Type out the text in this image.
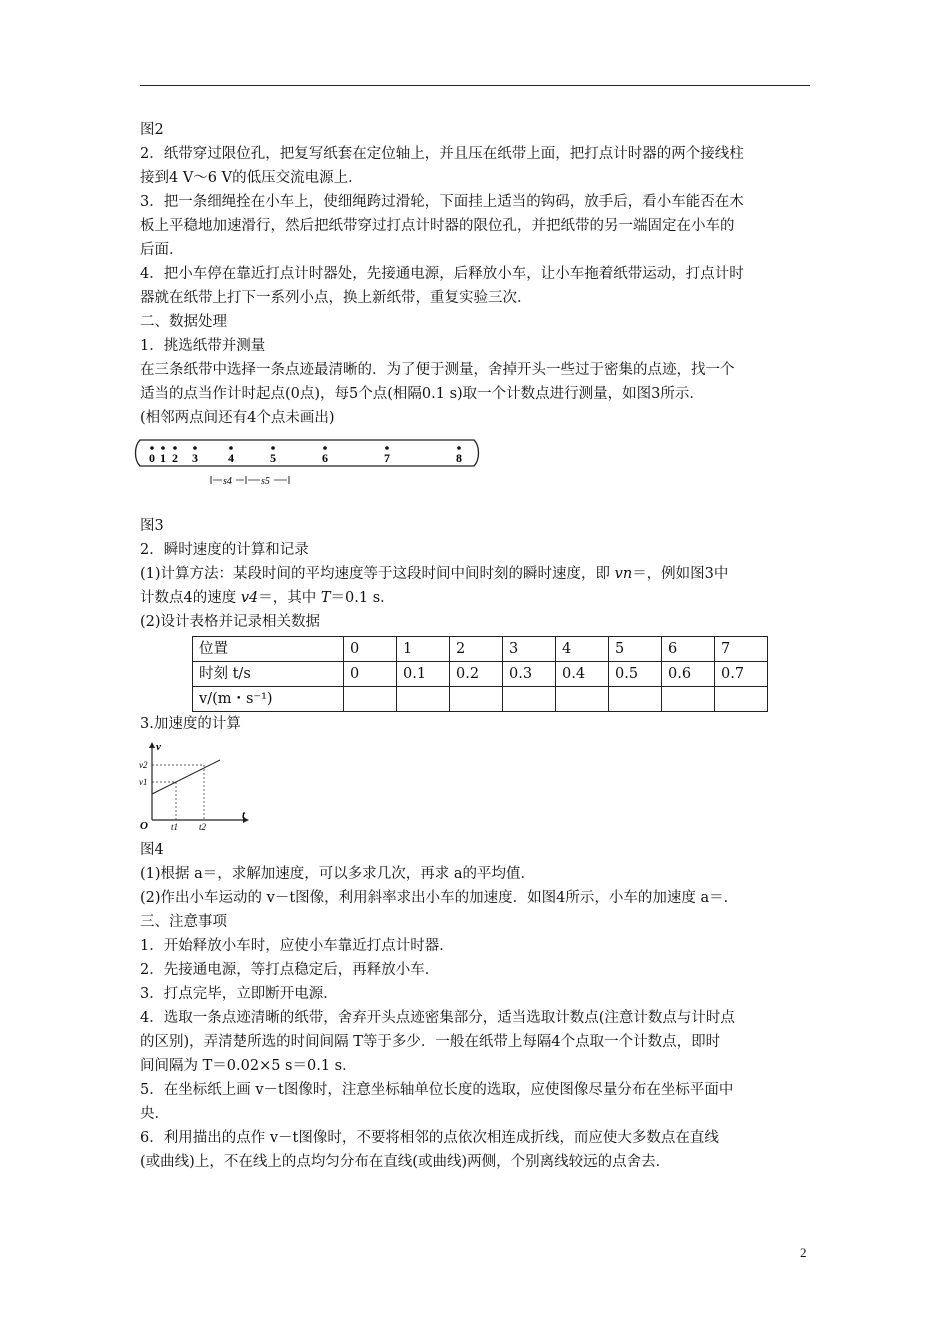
图2
2．纸带穿过限位孔，把复写纸套在定位轴上，并且压在纸带上面，把打点计时器的两个接线柱
接到4 V～6 V的低压交流电源上．
3．把一条细绳拴在小车上，使细绳跨过滑轮，下面挂上适当的钩码，放手后，看小车能否在木
板上平稳地加速滑行，然后把纸带穿过打点计时器的限位孔，并把纸带的另一端固定在小车的
后面．
4．把小车停在靠近打点计时器处，先接通电源，后释放小车，让小车拖着纸带运动，打点计时
器就在纸带上打下一系列小点，换上新纸带，重复实验三次．
二、数据处理
1．挑选纸带并测量
在三条纸带中选择一条点迹最清晰的．为了便于测量，舍掉开头一些过于密集的点迹，找一个
适当的点当作计时起点(0点)，每5个点(相隔0.1 s)取一个计数点进行测量，如图3所示．
(相邻两点间还有4个点未画出)
0 1 2 3	4	5	6	7	8
s4	s5
图3
2．瞬时速度的计算和记录
(1)计算方法：某段时间的平均速度等于这段时间中间时刻的瞬时速度，即 vn＝，例如图3中
计数点4的速度 v4＝，其中 T＝0.1 s．
(2)设计表格并记录相关数据
位置	0	1	2	3	4	5	6	7
时刻 t/s	0	0.1	0.2	0.3	0.4	0.5	0.6	0.7
v/(m・s⁻¹)								
3.加速度的计算
v
t
O
v2
v1
t1 t2
图4
(1)根据 a＝，求解加速度，可以多求几次，再求 a的平均值．
(2)作出小车运动的 v－t图像，利用斜率求出小车的加速度．如图4所示，小车的加速度 a＝．
三、注意事项
1．开始释放小车时，应使小车靠近打点计时器．
2．先接通电源，等打点稳定后，再释放小车．
3．打点完毕，立即断开电源．
4．选取一条点迹清晰的纸带，舍弃开头点迹密集部分，适当选取计数点(注意计数点与计时点
的区别)，弄清楚所选的时间间隔 T等于多少．一般在纸带上每隔4个点取一个计数点，即时
间间隔为 T＝0.02×5 s＝0.1 s．
5．在坐标纸上画 v－t图像时，注意坐标轴单位长度的选取，应使图像尽量分布在坐标平面中
央．
6．利用描出的点作 v－t图像时，不要将相邻的点依次相连成折线，而应使大多数点在直线
(或曲线)上，不在线上的点均匀分布在直线(或曲线)两侧，个别离线较远的点舍去．
2
